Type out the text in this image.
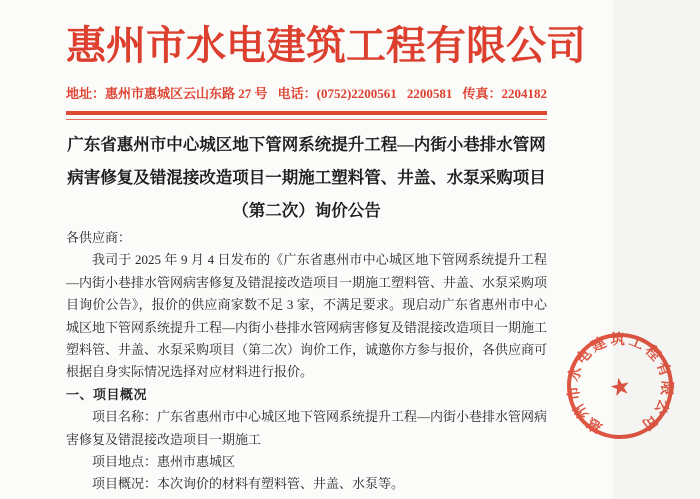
惠州市水电建筑工程有限公司
地址：惠州市惠城区云山东路 27 号 电话：(0752)2200561 2200581 传真：2204182
广东省惠州市中心城区地下管网系统提升工程—内街小巷排水管网
病害修复及错混接改造项目一期施工塑料管、井盖、水泵采购项目
（第二次）询价公告

各供应商：

我司于 2025 年 9 月 4 日发布的《广东省惠州市中心城区地下管网系统提升工程—内街小巷排水管网病害修复及错混接改造项目一期施工塑料管、井盖、水泵采购项目询价公告》，报价的供应商家数不足 3 家，不满足要求。现启动广东省惠州市中心城区地下管网系统提升工程—内街小巷排水管网病害修复及错混接改造项目一期施工塑料管、井盖、水泵采购项目（第二次）询价工作，诚邀你方参与报价，各供应商可根据自身实际情况选择对应材料进行报价。

一、项目概况

项目名称：广东省惠州市中心城区地下管网系统提升工程—内街小巷排水管网病害修复及错混接改造项目一期施工

项目地点：惠州市惠城区

项目概况：本次询价的材料有塑料管、井盖、水泵等。

惠州市水电建筑工程有限公司
★
